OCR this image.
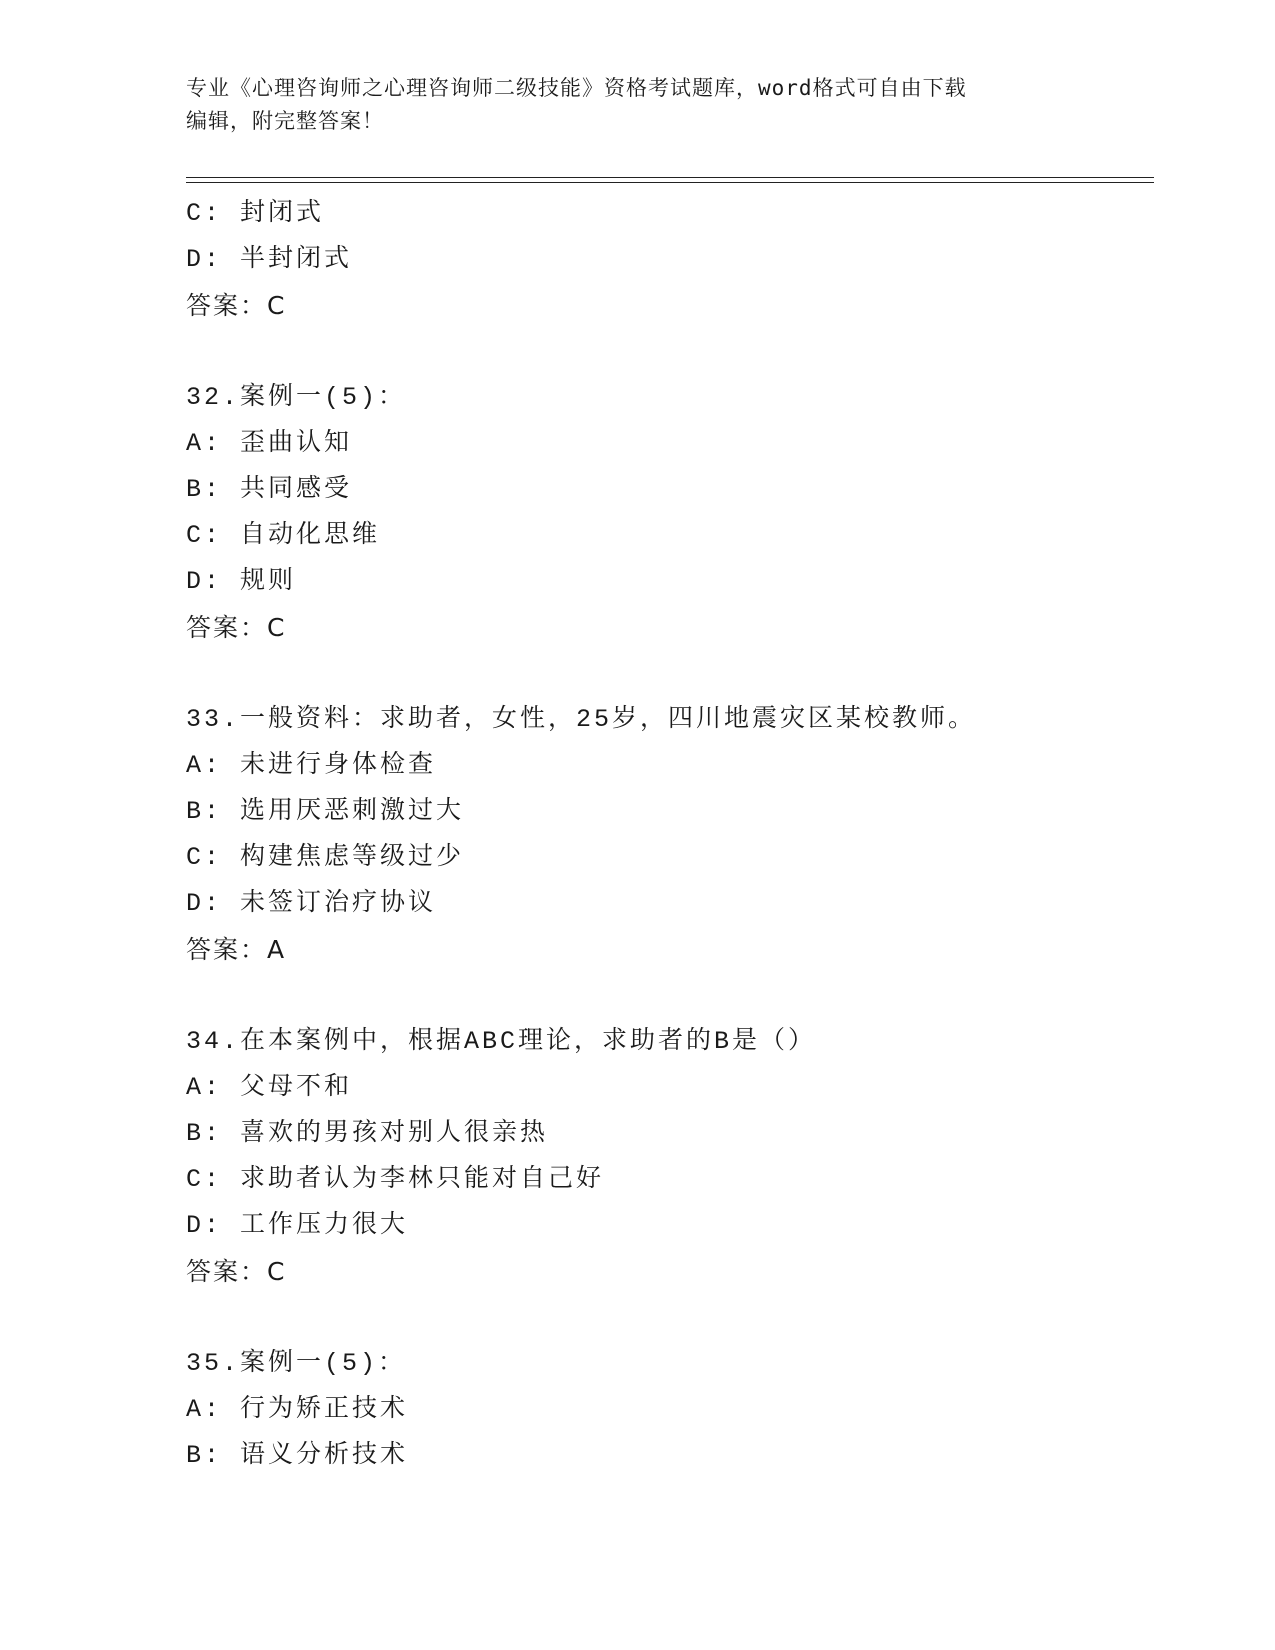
专业《心理咨询师之心理咨询师二级技能》资格考试题库，word格式可自由下载
编辑，附完整答案！
C: 封闭式
D: 半封闭式
答案：C
32.案例一(5)：
A: 歪曲认知
B: 共同感受
C: 自动化思维
D: 规则
答案：C
33.一般资料：求助者，女性，25岁，四川地震灾区某校教师。
A: 未进行身体检查
B: 选用厌恶刺激过大
C: 构建焦虑等级过少
D: 未签订治疗协议
答案：A
34.在本案例中，根据ABC理论，求助者的B是（）
A: 父母不和
B: 喜欢的男孩对别人很亲热
C: 求助者认为李林只能对自己好
D: 工作压力很大
答案：C
35.案例一(5)：
A: 行为矫正技术
B: 语义分析技术
